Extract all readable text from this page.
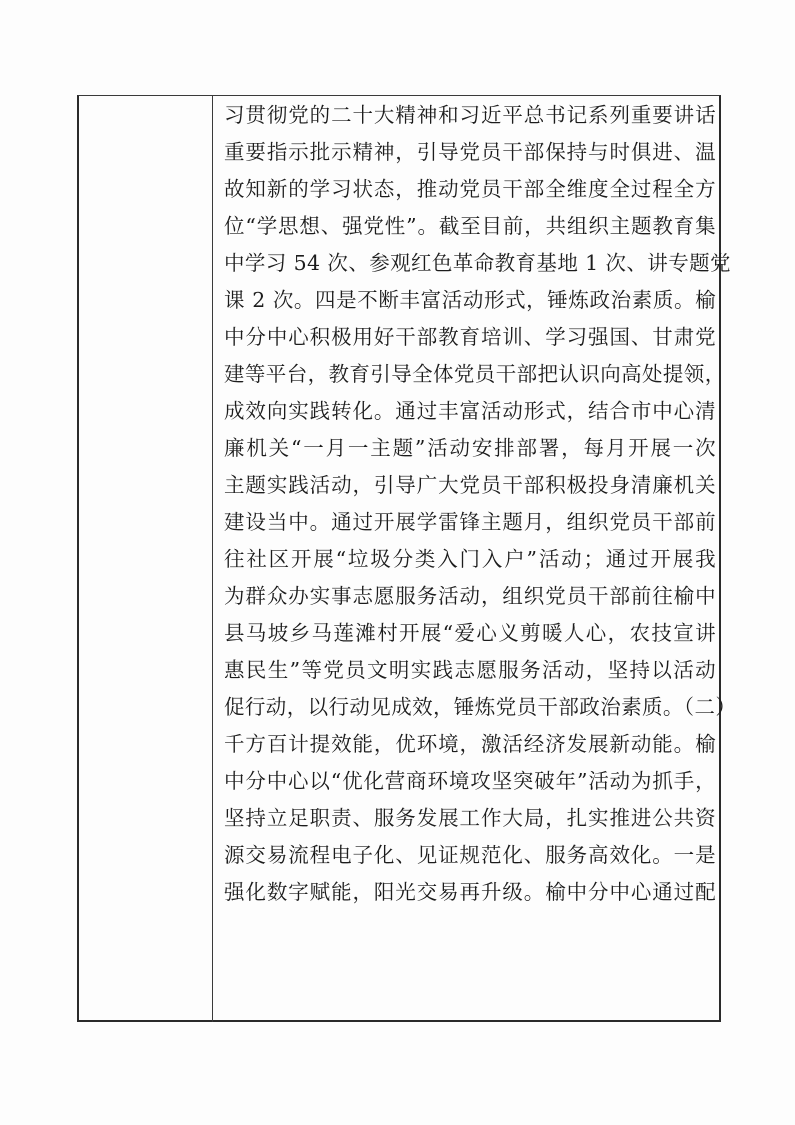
习贯彻党的二十大精神和习近平总书记系列重要讲话
重要指示批示精神，引导党员干部保持与时俱进、温
故知新的学习状态，推动党员干部全维度全过程全方
位“学思想、强党性”。截至目前，共组织主题教育集
中学习 54 次、参观红色革命教育基地 1 次、讲专题党
课 2 次。四是不断丰富活动形式，锤炼政治素质。榆
中分中心积极用好干部教育培训、学习强国、甘肃党
建等平台，教育引导全体党员干部把认识向高处提领，
成效向实践转化。通过丰富活动形式，结合市中心清
廉机关“一月一主题”活动安排部署，每月开展一次
主题实践活动，引导广大党员干部积极投身清廉机关
建设当中。通过开展学雷锋主题月，组织党员干部前
往社区开展“垃圾分类入门入户”活动；通过开展我
为群众办实事志愿服务活动，组织党员干部前往榆中
县马坡乡马莲滩村开展“爱心义剪暖人心，农技宣讲
惠民生”等党员文明实践志愿服务活动，坚持以活动
促行动，以行动见成效，锤炼党员干部政治素质。（二）
千方百计提效能，优环境，激活经济发展新动能。榆
中分中心以“优化营商环境攻坚突破年”活动为抓手，
坚持立足职责、服务发展工作大局，扎实推进公共资
源交易流程电子化、见证规范化、服务高效化。一是
强化数字赋能，阳光交易再升级。榆中分中心通过配
